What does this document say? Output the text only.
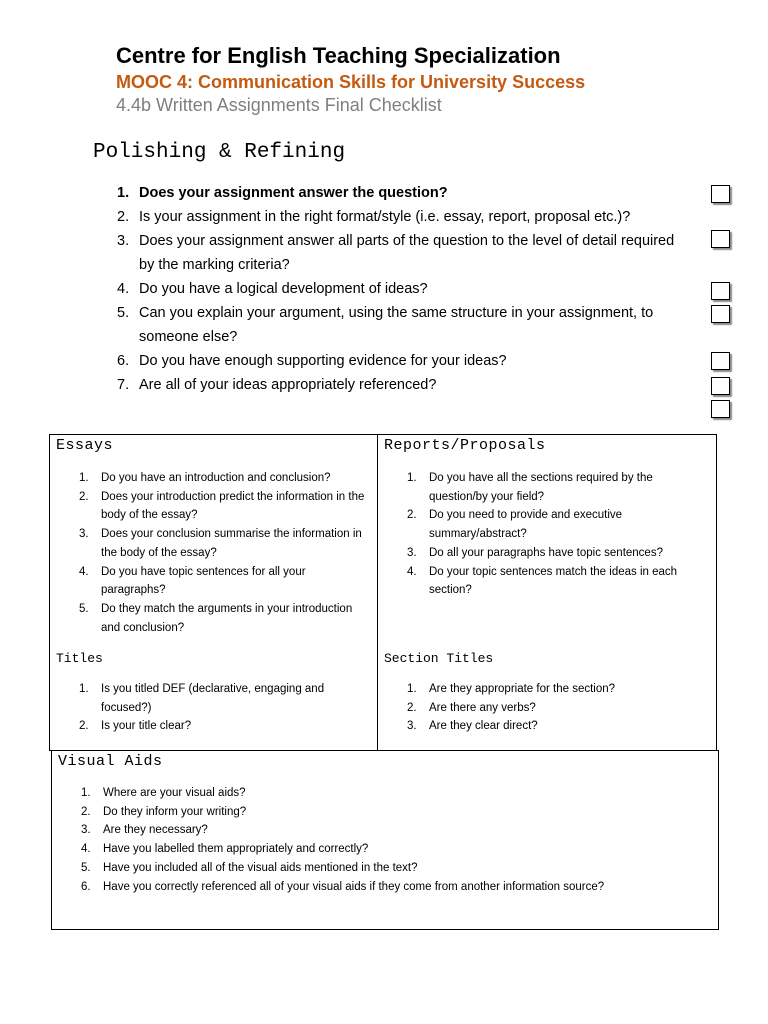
Centre for English Teaching Specialization
MOOC 4: Communication Skills for University Success
4.4b Written Assignments Final Checklist
Polishing & Refining
1. Does your assignment answer the question?
2. Is your assignment in the right format/style (i.e. essay, report, proposal etc.)?
3. Does your assignment answer all parts of the question to the level of detail required by the marking criteria?
4. Do you have a logical development of ideas?
5. Can you explain your argument, using the same structure in your assignment, to someone else?
6. Do you have enough supporting evidence for your ideas?
7. Are all of your ideas appropriately referenced?
Essays
1.	Do you have an introduction and conclusion?
2.	Does your introduction predict the information in the body of the essay?
3.	Does your conclusion summarise the information in the body of the essay?
4.	Do you have topic sentences for all your paragraphs?
5.	Do they match the arguments in your introduction and conclusion?
Titles
1.	Is you titled DEF (declarative, engaging and focused?)
2.	Is your title clear?
Reports/Proposals
1.	Do you have all the sections required by the question/by your field?
2.	Do you need to provide and executive summary/abstract?
3.	Do all your paragraphs have topic sentences?
4.	Do your topic sentences match the ideas in each section?
Section Titles
1.	Are they appropriate for the section?
2.	Are there any verbs?
3.	Are they clear direct?
Visual Aids
1.	Where are your visual aids?
2.	Do they inform your writing?
3.	Are they necessary?
4.	Have you labelled them appropriately and correctly?
5.	Have you included all of the visual aids mentioned in the text?
6.	Have you correctly referenced all of your visual aids if they come from another information source?
